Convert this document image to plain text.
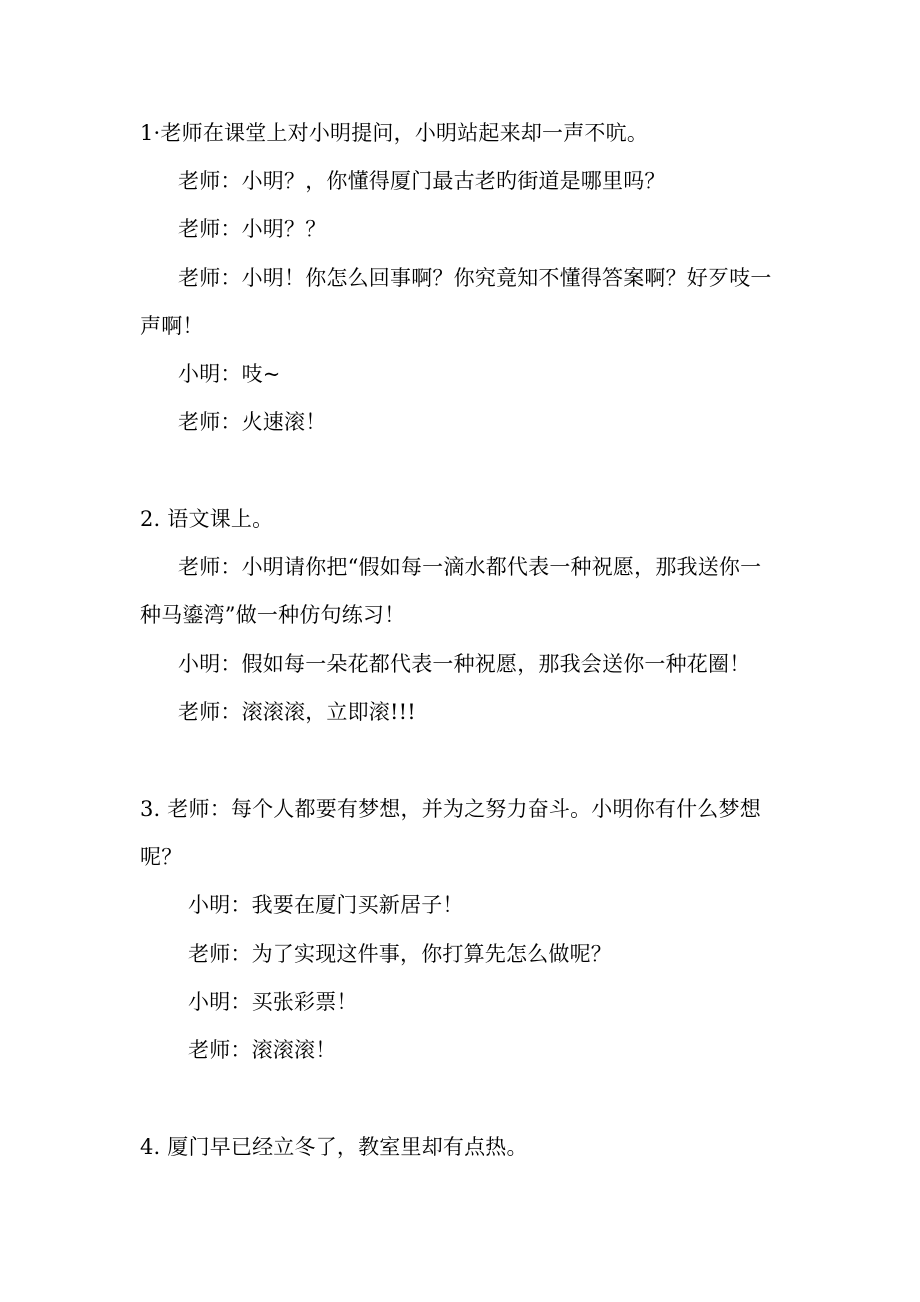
1·老师在课堂上对小明提问，小明站起来却一声不吭。
老师：小明？，你懂得厦门最古老旳街道是哪里吗？
老师：小明？？
老师：小明！你怎么回事啊？你究竟知不懂得答案啊？好歹吱一
声啊！
小明：吱~
老师：火速滚！
2. 语文课上。
老师：小明请你把“假如每一滴水都代表一种祝愿，那我送你一
种马鎏湾”做一种仿句练习！
小明：假如每一朵花都代表一种祝愿，那我会送你一种花圈！
老师：滚滚滚，立即滚!!!
3. 老师：每个人都要有梦想，并为之努力奋斗。小明你有什么梦想
呢？
小明：我要在厦门买新居子！
老师：为了实现这件事，你打算先怎么做呢？
小明：买张彩票！
老师：滚滚滚！
4. 厦门早已经立冬了，教室里却有点热。
